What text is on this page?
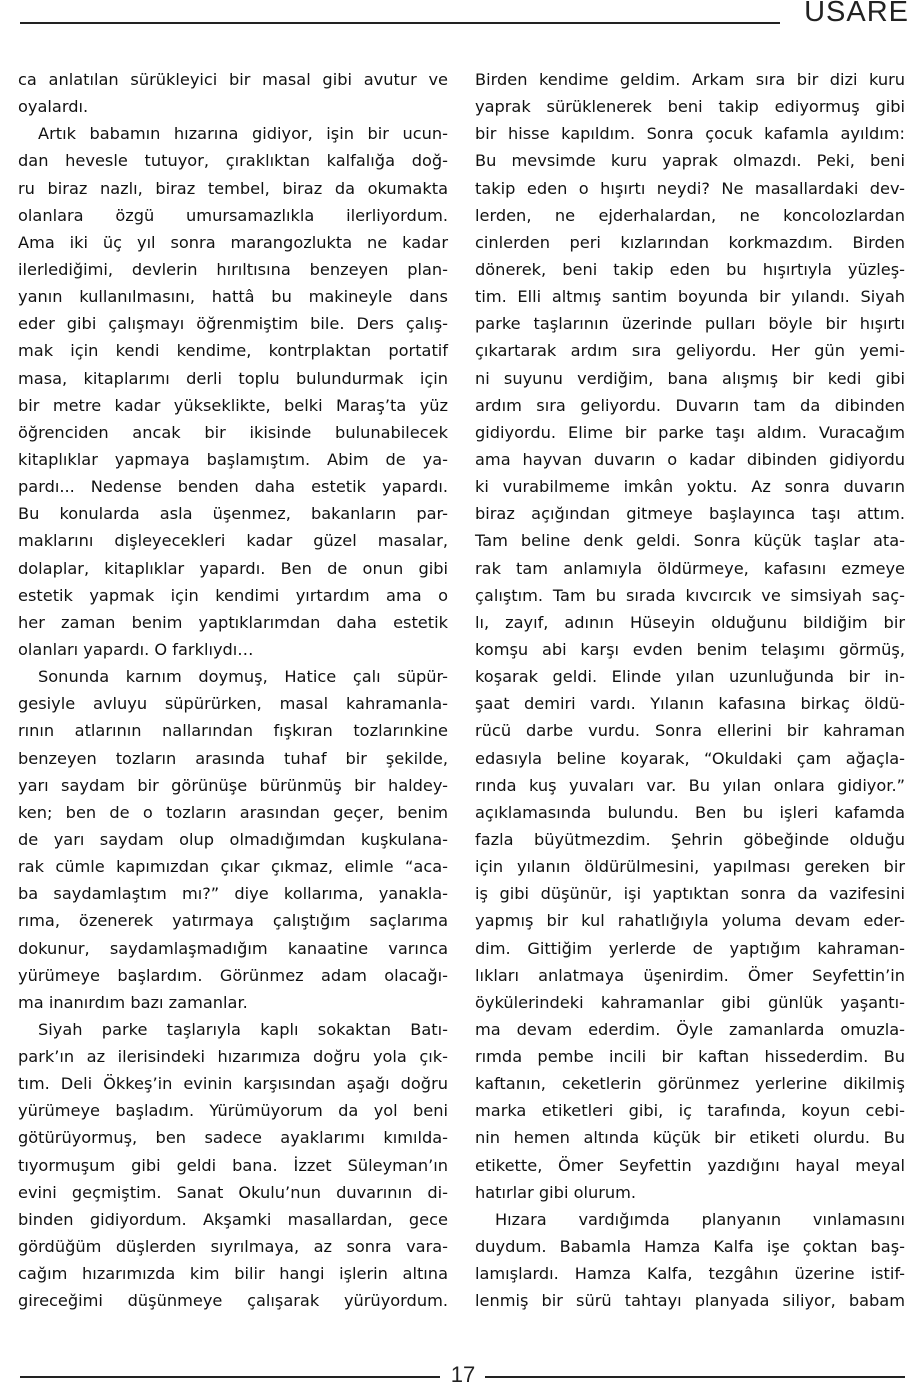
USARE
ca anlatılan sürükleyici bir masal gibi avutur ve
oyalardı.
Artık babamın hızarına gidiyor, işin bir ucun-
dan hevesle tutuyor, çıraklıktan kalfalığa doğ-
ru biraz nazlı, biraz tembel, biraz da okumakta
olanlara özgü umursamazlıkla ilerliyordum.
Ama iki üç yıl sonra marangozlukta ne kadar
ilerlediğimi, devlerin hırıltısına benzeyen plan-
yanın kullanılmasını, hattâ bu makineyle dans
eder gibi çalışmayı öğrenmiştim bile. Ders çalış-
mak için kendi kendime, kontrplaktan portatif
masa, kitaplarımı derli toplu bulundurmak için
bir metre kadar yükseklikte, belki Maraş’ta yüz
öğrenciden ancak bir ikisinde bulunabilecek
kitaplıklar yapmaya başlamıştım. Abim de ya-
pardı... Nedense benden daha estetik yapardı.
Bu konularda asla üşenmez, bakanların par-
maklarını dişleyecekleri kadar güzel masalar,
dolaplar, kitaplıklar yapardı. Ben de onun gibi
estetik yapmak için kendimi yırtardım ama o
her zaman benim yaptıklarımdan daha estetik
olanları yapardı. O farklıydı…
Sonunda karnım doymuş, Hatice çalı süpür-
gesiyle avluyu süpürürken, masal kahramanla-
rının atlarının nallarından fışkıran tozlarınkine
benzeyen tozların arasında tuhaf bir şekilde,
yarı saydam bir görünüşe bürünmüş bir haldey-
ken; ben de o tozların arasından geçer, benim
de yarı saydam olup olmadığımdan kuşkulana-
rak cümle kapımızdan çıkar çıkmaz, elimle “aca-
ba saydamlaştım mı?” diye kollarıma, yanakla-
rıma, özenerek yatırmaya çalıştığım saçlarıma
dokunur, saydamlaşmadığım kanaatine varınca
yürümeye başlardım. Görünmez adam olacağı-
ma inanırdım bazı zamanlar.
Siyah parke taşlarıyla kaplı sokaktan Batı-
park’ın az ilerisindeki hızarımıza doğru yola çık-
tım. Deli Ökkeş’in evinin karşısından aşağı doğru
yürümeye başladım. Yürümüyorum da yol beni
götürüyormuş, ben sadece ayaklarımı kımılda-
tıyormuşum gibi geldi bana. İzzet Süleyman’ın
evini geçmiştim. Sanat Okulu’nun duvarının di-
binden gidiyordum. Akşamki masallardan, gece
gördüğüm düşlerden sıyrılmaya, az sonra vara-
cağım hızarımızda kim bilir hangi işlerin altına
gireceğimi düşünmeye çalışarak yürüyordum.
Birden kendime geldim. Arkam sıra bir dizi kuru
yaprak sürüklenerek beni takip ediyormuş gibi
bir hisse kapıldım. Sonra çocuk kafamla ayıldım:
Bu mevsimde kuru yaprak olmazdı. Peki, beni
takip eden o hışırtı neydi? Ne masallardaki dev-
lerden, ne ejderhalardan, ne koncolozlardan
cinlerden peri kızlarından korkmazdım. Birden
dönerek, beni takip eden bu hışırtıyla yüzleş-
tim. Elli altmış santim boyunda bir yılandı. Siyah
parke taşlarının üzerinde pulları böyle bir hışırtı
çıkartarak ardım sıra geliyordu. Her gün yemi-
ni suyunu verdiğim, bana alışmış bir kedi gibi
ardım sıra geliyordu. Duvarın tam da dibinden
gidiyordu. Elime bir parke taşı aldım. Vuracağım
ama hayvan duvarın o kadar dibinden gidiyordu
ki vurabilmeme imkân yoktu. Az sonra duvarın
biraz açığından gitmeye başlayınca taşı attım.
Tam beline denk geldi. Sonra küçük taşlar ata-
rak tam anlamıyla öldürmeye, kafasını ezmeye
çalıştım. Tam bu sırada kıvcırcık ve simsiyah saç-
lı, zayıf, adının Hüseyin olduğunu bildiğim bir
komşu abi karşı evden benim telaşımı görmüş,
koşarak geldi. Elinde yılan uzunluğunda bir in-
şaat demiri vardı. Yılanın kafasına birkaç öldü-
rücü darbe vurdu. Sonra ellerini bir kahraman
edasıyla beline koyarak, “Okuldaki çam ağaçla-
rında kuş yuvaları var. Bu yılan onlara gidiyor.”
açıklamasında bulundu. Ben bu işleri kafamda
fazla büyütmezdim. Şehrin göbeğinde olduğu
için yılanın öldürülmesini, yapılması gereken bir
iş gibi düşünür, işi yaptıktan sonra da vazifesini
yapmış bir kul rahatlığıyla yoluma devam eder-
dim. Gittiğim yerlerde de yaptığım kahraman-
lıkları anlatmaya üşenirdim. Ömer Seyfettin’in
öykülerindeki kahramanlar gibi günlük yaşantı-
ma devam ederdim. Öyle zamanlarda omuzla-
rımda pembe incili bir kaftan hissederdim. Bu
kaftanın, ceketlerin görünmez yerlerine dikilmiş
marka etiketleri gibi, iç tarafında, koyun cebi-
nin hemen altında küçük bir etiketi olurdu. Bu
etikette, Ömer Seyfettin yazdığını hayal meyal
hatırlar gibi olurum.
Hızara vardığımda planyanın vınlamasını
duydum. Babamla Hamza Kalfa işe çoktan baş-
lamışlardı. Hamza Kalfa, tezgâhın üzerine istif-
lenmiş bir sürü tahtayı planyada siliyor, babam
17
